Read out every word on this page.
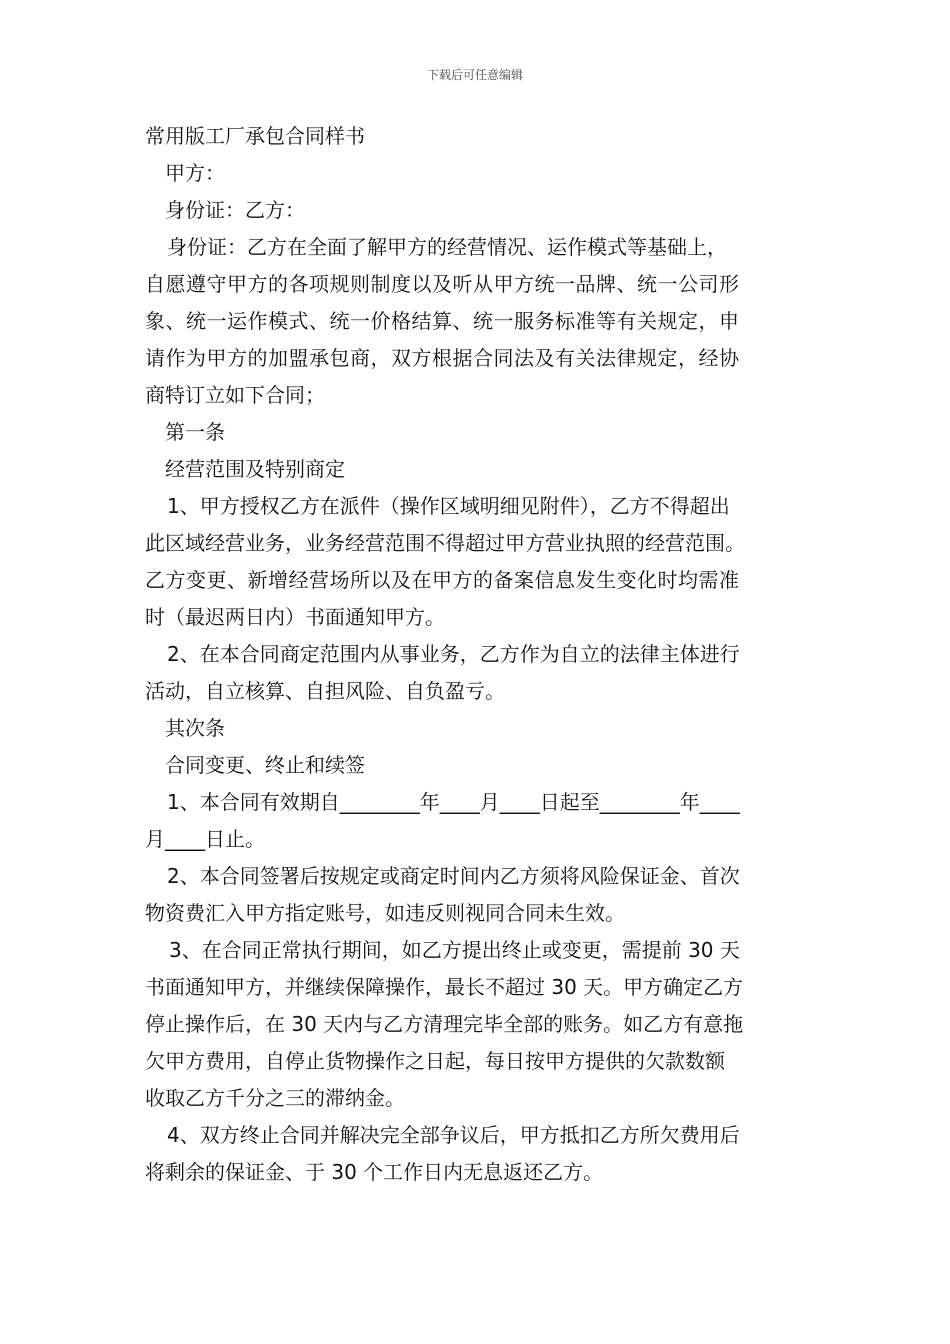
下载后可任意编辑
常用版工厂承包合同样书
甲方：
身份证：乙方：
身份证：乙方在全面了解甲方的经营情况、运作模式等基础上，
自愿遵守甲方的各项规则制度以及听从甲方统一品牌、统一公司形
象、统一运作模式、统一价格结算、统一服务标准等有关规定，申
请作为甲方的加盟承包商，双方根据合同法及有关法律规定，经协
商特订立如下合同；
第一条
经营范围及特别商定
1、甲方授权乙方在派件（操作区域明细见附件），乙方不得超出
此区域经营业务，业务经营范围不得超过甲方营业执照的经营范围。
乙方变更、新增经营场所以及在甲方的备案信息发生变化时均需准
时（最迟两日内）书面通知甲方。
2、在本合同商定范围内从事业务，乙方作为自立的法律主体进行
活动，自立核算、自担风险、自负盈亏。
其次条
合同变更、终止和续签
1、本合同有效期自________年____月____日起至________年____
月____日止。
2、本合同签署后按规定或商定时间内乙方须将风险保证金、首次
物资费汇入甲方指定账号，如违反则视同合同未生效。
3、在合同正常执行期间，如乙方提出终止或变更，需提前 30 天
书面通知甲方，并继续保障操作，最长不超过 30 天。甲方确定乙方
停止操作后，在 30 天内与乙方清理完毕全部的账务。如乙方有意拖
欠甲方费用，自停止货物操作之日起，每日按甲方提供的欠款数额
收取乙方千分之三的滞纳金。
4、双方终止合同并解决完全部争议后，甲方抵扣乙方所欠费用后
将剩余的保证金、于 30 个工作日内无息返还乙方。
